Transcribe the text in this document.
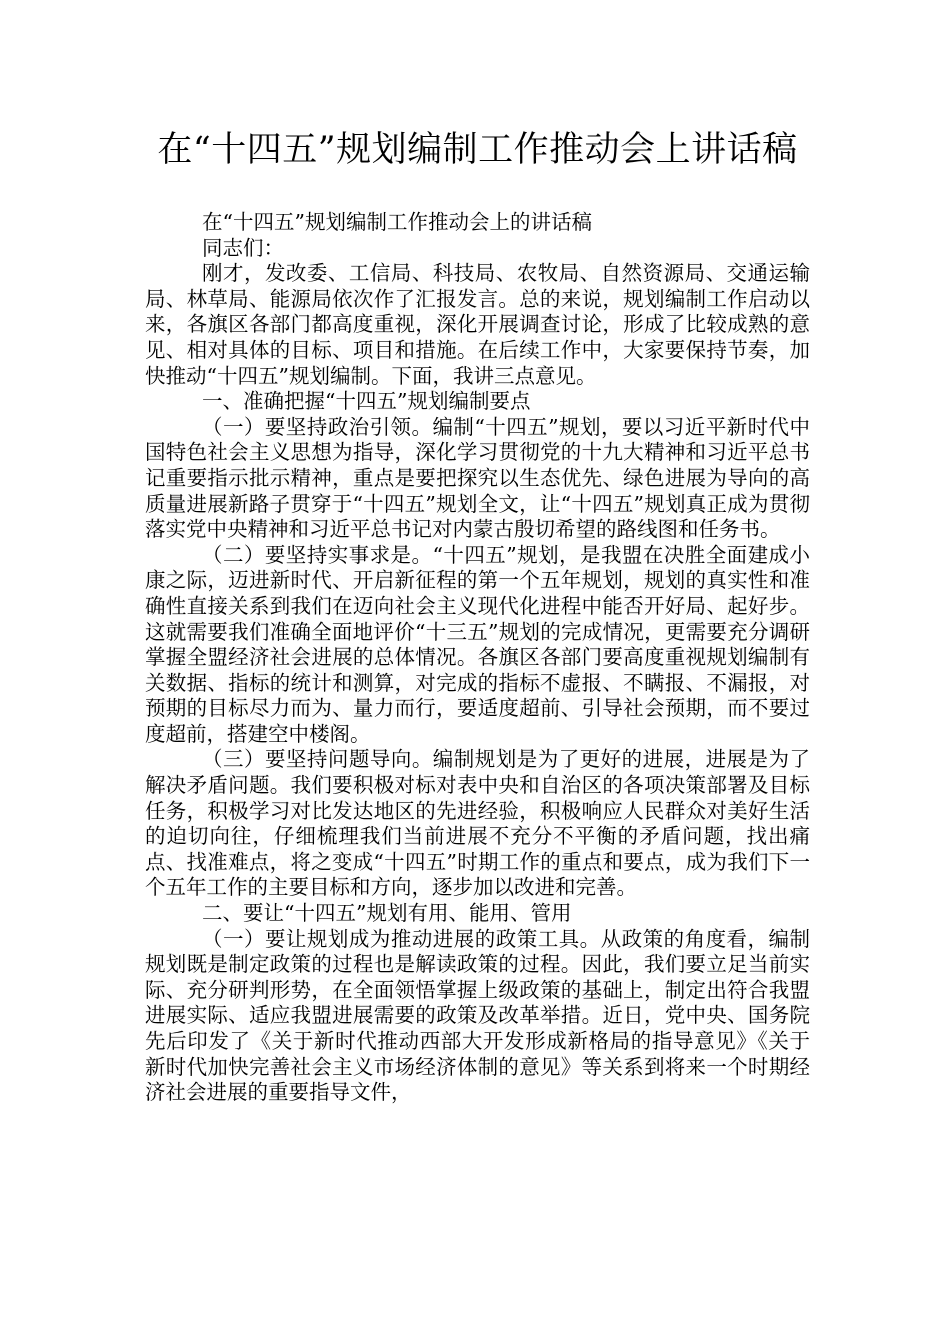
在“十四五”规划编制工作推动会上讲话稿

在“十四五”规划编制工作推动会上的讲话稿

同志们：

刚才，发改委、工信局、科技局、农牧局、自然资源局、交通运输局、林草局、能源局依次作了汇报发言。总的来说，规划编制工作启动以来，各旗区各部门都高度重视，深化开展调查讨论，形成了比较成熟的意见、相对具体的目标、项目和措施。在后续工作中，大家要保持节奏，加快推动“十四五”规划编制。下面，我讲三点意见。

一、准确把握“十四五”规划编制要点

（一）要坚持政治引领。编制“十四五”规划，要以习近平新时代中国特色社会主义思想为指导，深化学习贯彻党的十九大精神和习近平总书记重要指示批示精神，重点是要把探究以生态优先、绿色进展为导向的高质量进展新路子贯穿于“十四五”规划全文，让“十四五”规划真正成为贯彻落实党中央精神和习近平总书记对内蒙古殷切希望的路线图和任务书。

（二）要坚持实事求是。“十四五”规划，是我盟在决胜全面建成小康之际，迈进新时代、开启新征程的第一个五年规划，规划的真实性和准确性直接关系到我们在迈向社会主义现代化进程中能否开好局、起好步。这就需要我们准确全面地评价“十三五”规划的完成情况，更需要充分调研掌握全盟经济社会进展的总体情况。各旗区各部门要高度重视规划编制有关数据、指标的统计和测算，对完成的指标不虚报、不瞒报、不漏报，对预期的目标尽力而为、量力而行，要适度超前、引导社会预期，而不要过度超前，搭建空中楼阁。

（三）要坚持问题导向。编制规划是为了更好的进展，进展是为了解决矛盾问题。我们要积极对标对表中央和自治区的各项决策部署及目标任务，积极学习对比发达地区的先进经验，积极响应人民群众对美好生活的迫切向往，仔细梳理我们当前进展不充分不平衡的矛盾问题，找出痛点、找准难点，将之变成“十四五”时期工作的重点和要点，成为我们下一个五年工作的主要目标和方向，逐步加以改进和完善。

二、要让“十四五”规划有用、能用、管用

（一）要让规划成为推动进展的政策工具。从政策的角度看，编制规划既是制定政策的过程也是解读政策的过程。因此，我们要立足当前实际、充分研判形势，在全面领悟掌握上级政策的基础上，制定出符合我盟进展实际、适应我盟进展需要的政策及改革举措。近日，党中央、国务院先后印发了《关于新时代推动西部大开发形成新格局的指导意见》《关于新时代加快完善社会主义市场经济体制的意见》等关系到将来一个时期经济社会进展的重要指导文件，
